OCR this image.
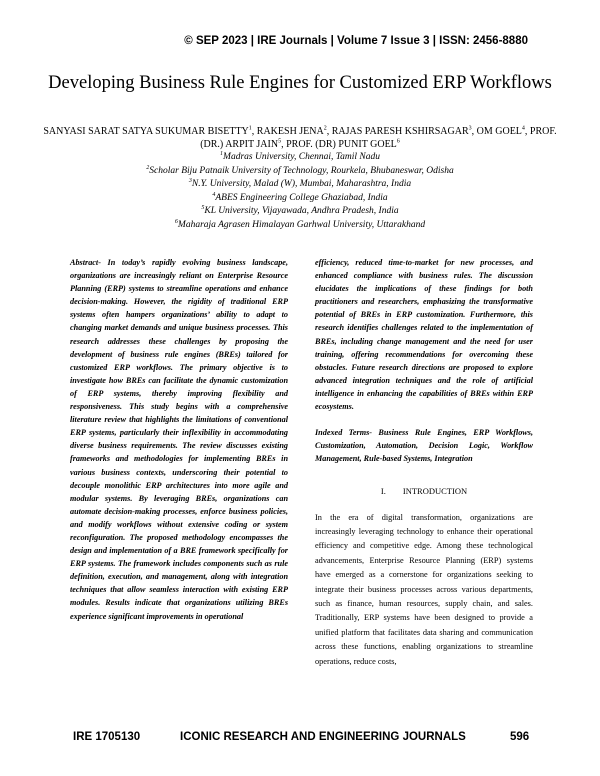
© SEP 2023 | IRE Journals | Volume 7 Issue 3 | ISSN: 2456-8880
Developing Business Rule Engines for Customized ERP Workflows
SANYASI SARAT SATYA SUKUMAR BISETTY$^1$, RAKESH JENA$^2$, RAJAS PARESH KSHIRSAGAR$^3$, OM GOEL$^4$, PROF. (DR.) ARPIT JAIN$^5$, PROF. (DR) PUNIT GOEL$^6$
$^1$Madras University, Chennai, Tamil Nadu
$^2$Scholar Biju Patnaik University of Technology, Rourkela, Bhubaneswar, Odisha
$^3$N.Y. University, Malad (W), Mumbai, Maharashtra, India
$^4$ABES Engineering College Ghaziabad, India
$^5$KL University, Vijayawada, Andhra Pradesh, India
$^6$Maharaja Agrasen Himalayan Garhwal University, Uttarakhand

Abstract- In today’s rapidly evolving business landscape, organizations are increasingly reliant on Enterprise Resource Planning (ERP) systems to streamline operations and enhance decision-making. However, the rigidity of traditional ERP systems often hampers organizations’ ability to adapt to changing market demands and unique business processes. This research addresses these challenges by proposing the development of business rule engines (BREs) tailored for customized ERP workflows. The primary objective is to investigate how BREs can facilitate the dynamic customization of ERP systems, thereby improving flexibility and responsiveness. This study begins with a comprehensive literature review that highlights the limitations of conventional ERP systems, particularly their inflexibility in accommodating diverse business requirements. The review discusses existing frameworks and methodologies for implementing BREs in various business contexts, underscoring their potential to decouple monolithic ERP architectures into more agile and modular systems. By leveraging BREs, organizations can automate decision-making processes, enforce business policies, and modify workflows without extensive coding or system reconfiguration. The proposed methodology encompasses the design and implementation of a BRE framework specifically for ERP systems. The framework includes components such as rule definition, execution, and management, along with integration techniques that allow seamless interaction with existing ERP modules. Results indicate that organizations utilizing BREs experience significant improvements in operational

efficiency, reduced time-to-market for new processes, and enhanced compliance with business rules. The discussion elucidates the implications of these findings for both practitioners and researchers, emphasizing the transformative potential of BREs in ERP customization. Furthermore, this research identifies challenges related to the implementation of BREs, including change management and the need for user training, offering recommendations for overcoming these obstacles. Future research directions are proposed to explore advanced integration techniques and the role of artificial intelligence in enhancing the capabilities of BREs within ERP ecosystems.

Indexed Terms- Business Rule Engines, ERP Workflows, Customization, Automation, Decision Logic, Workflow Management, Rule-based Systems, Integration

I. INTRODUCTION

In the era of digital transformation, organizations are increasingly leveraging technology to enhance their operational efficiency and competitive edge. Among these technological advancements, Enterprise Resource Planning (ERP) systems have emerged as a cornerstone for organizations seeking to integrate their business processes across various departments, such as finance, human resources, supply chain, and sales. Traditionally, ERP systems have been designed to provide a unified platform that facilitates data sharing and communication across these functions, enabling organizations to streamline operations, reduce costs,

IRE 1705130	ICONIC RESEARCH AND ENGINEERING JOURNALS	596
